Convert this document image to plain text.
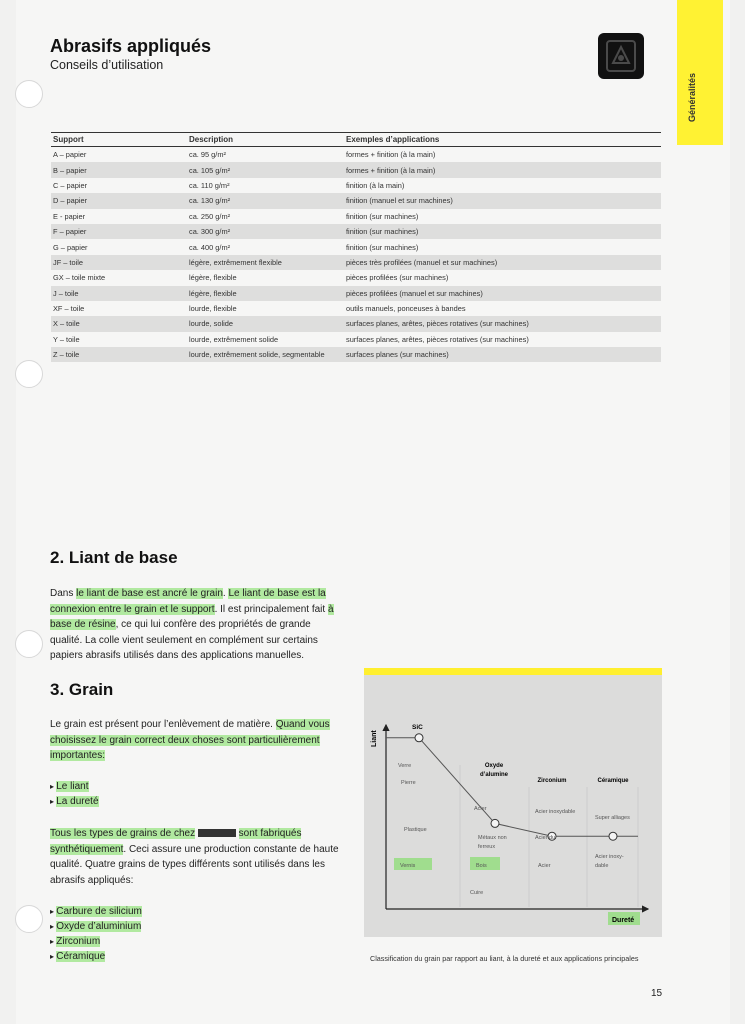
Généralités
Abrasifs appliqués
Conseils d’utilisation
Support	Description	Exemples d’applications
A – papier	ca. 95 g/m²	formes + finition (à la main)
B – papier	ca. 105 g/m²	formes + finition (à la main)
C – papier	ca. 110 g/m²	finition (à la main)
D – papier	ca. 130 g/m²	finition (manuel et sur machines)
E - papier	ca. 250 g/m²	finition (sur machines)
F – papier	ca. 300 g/m²	finition (sur machines)
G – papier	ca. 400 g/m²	finition (sur machines)
JF – toile	légère, extrêmement flexible	pièces très profilées (manuel et sur machines)
GX – toile mixte	légère, flexible	pièces profilées (sur machines)
J – toile	légère, flexible	pièces profilées (manuel et sur machines)
XF – toile	lourde, flexible	outils manuels, ponceuses à bandes
X – toile	lourde, solide	surfaces planes, arêtes, pièces rotatives (sur machines)
Y – toile	lourde, extrêmement solide	surfaces planes, arêtes, pièces rotatives (sur machines)
Z – toile	lourde, extrêmement solide, segmentable	surfaces planes (sur machines)
2. Liant de base

Dans le liant de base est ancré le grain. Le liant de base est la connexion entre le grain et le support. Il est principalement fait à base de résine, ce qui lui confère des propriétés de grande qualité. La colle vient seulement en complément sur certains papiers abrasifs utilisés dans des applications manuelles.

3. Grain

Le grain est présent pour l’enlèvement de matière. Quand vous choisissez le grain correct deux choses sont particulièrement importantes:

▸ Le liant
▸ La dureté

Tous les types de grains de chez	sont fabriqués synthétiquement. Ceci assure une production constante de haute qualité. Quatre grains de types différents sont utilisés dans les abrasifs appliqués:

▸ Carbure de silicium
▸ Oxyde d’aluminium
▸ Zirconium
▸ Céramique
Liant
SiC
Oxyde d’alumine
Zirconium	Céramique
Verre
Pierre
Plastique
Vernis
Acier
Métaux non ferreux
Bois
Cuire
Acier inoxydable
Acier dur
Acier
Super alliages
Acier inoxy-dable
Dureté
Classification du grain par rapport au liant, à la dureté et aux applications principales
15
